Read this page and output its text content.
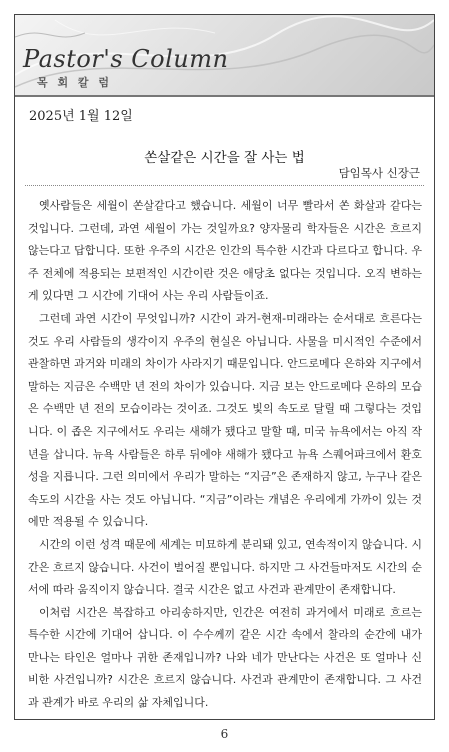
Pastor's Column
목 회 칼 럼
2025년 1월 12일
쏜살같은 시간을 잘 사는 법
담임목사 신장근

옛사람들은 세월이 쏜살같다고 했습니다. 세월이 너무 빨라서 쏜 화살과 같다는 것입니다. 그런데, 과연 세월이 가는 것일까요? 양자물리 학자들은 시간은 흐르지 않는다고 답합니다. 또한 우주의 시간은 인간의 특수한 시간과 다르다고 합니다. 우주 전체에 적용되는 보편적인 시간이란 것은 애당초 없다는 것입니다. 오직 변하는 게 있다면 그 시간에 기대어 사는 우리 사람들이죠.

그런데 과연 시간이 무엇입니까? 시간이 과거-현재-미래라는 순서대로 흐른다는 것도 우리 사람들의 생각이지 우주의 현실은 아닙니다. 사물을 미시적인 수준에서 관찰하면 과거와 미래의 차이가 사라지기 때문입니다. 안드로메다 은하와 지구에서 말하는 지금은 수백만 년 전의 차이가 있습니다. 지금 보는 안드로메다 은하의 모습은 수백만 년 전의 모습이라는 것이죠. 그것도 빛의 속도로 달릴 때 그렇다는 것입니다. 이 좁은 지구에서도 우리는 새해가 됐다고 말할 때, 미국 뉴욕에서는 아직 작년을 삽니다. 뉴욕 사람들은 하루 뒤에야 새해가 됐다고 뉴욕 스퀘어파크에서 환호성을 지릅니다. 그런 의미에서 우리가 말하는 “지금”은 존재하지 않고, 누구나 같은 속도의 시간을 사는 것도 아닙니다. “지금”이라는 개념은 우리에게 가까이 있는 것에만 적용될 수 있습니다.

시간의 이런 성격 때문에 세계는 미묘하게 분리돼 있고, 연속적이지 않습니다. 시간은 흐르지 않습니다. 사건이 벌어질 뿐입니다. 하지만 그 사건들마저도 시간의 순서에 따라 움직이지 않습니다. 결국 시간은 없고 사건과 관계만이 존재합니다.

이처럼 시간은 복잡하고 아리송하지만, 인간은 여전히 과거에서 미래로 흐르는 특수한 시간에 기대어 삽니다. 이 수수께끼 같은 시간 속에서 찰라의 순간에 내가 만나는 타인은 얼마나 귀한 존재입니까? 나와 네가 만난다는 사건은 또 얼마나 신비한 사건입니까? 시간은 흐르지 않습니다. 사건과 관계만이 존재합니다. 그 사건과 관계가 바로 우리의 삶 자체입니다.

6
